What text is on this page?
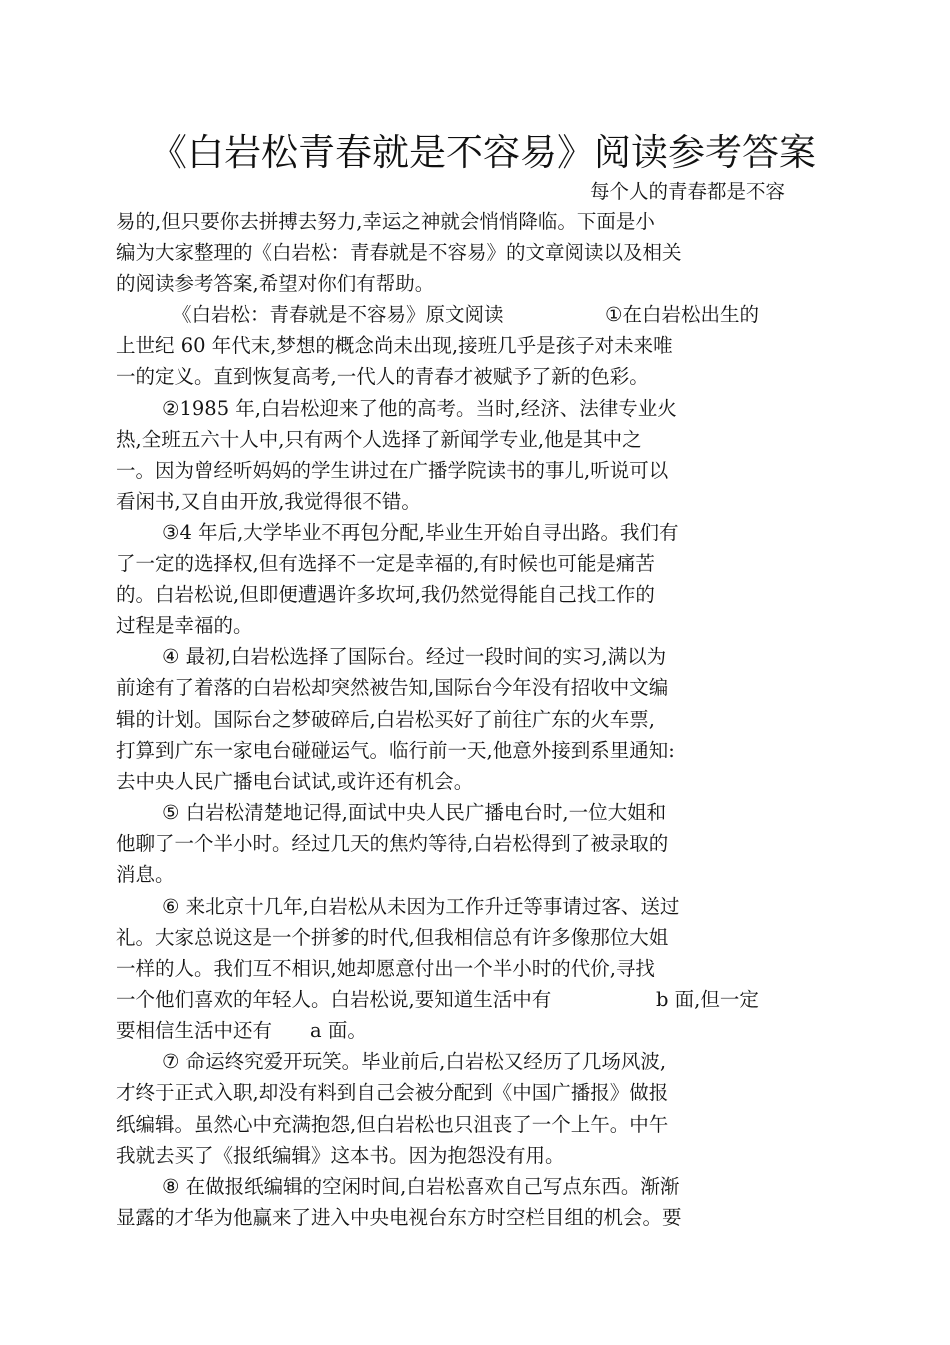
《白岩松青春就是不容易》阅读参考答案
每个人的青春都是不容
易的,但只要你去拼搏去努力,幸运之神就会悄悄降临。下面是小
编为大家整理的《白岩松：青春就是不容易》的文章阅读以及相关
的阅读参考答案,希望对你们有帮助。
《白岩松：青春就是不容易》原文阅读	①在白岩松出生的
上世纪 60 年代末,梦想的概念尚未出现,接班几乎是孩子对未来唯
一的定义。直到恢复高考,一代人的青春才被赋予了新的色彩。
②1985 年,白岩松迎来了他的高考。当时,经济、法律专业火
热,全班五六十人中,只有两个人选择了新闻学专业,他是其中之
一。因为曾经听妈妈的学生讲过在广播学院读书的事儿,听说可以
看闲书,又自由开放,我觉得很不错。
③4 年后,大学毕业不再包分配,毕业生开始自寻出路。我们有
了一定的选择权,但有选择不一定是幸福的,有时候也可能是痛苦
的。白岩松说,但即便遭遇许多坎坷,我仍然觉得能自己找工作的
过程是幸福的。
④ 最初,白岩松选择了国际台。经过一段时间的实习,满以为
前途有了着落的白岩松却突然被告知,国际台今年没有招收中文编
辑的计划。国际台之梦破碎后,白岩松买好了前往广东的火车票,
打算到广东一家电台碰碰运气。临行前一天,他意外接到系里通知:
去中央人民广播电台试试,或许还有机会。
⑤ 白岩松清楚地记得,面试中央人民广播电台时,一位大姐和
他聊了一个半小时。经过几天的焦灼等待,白岩松得到了被录取的
消息。
⑥ 来北京十几年,白岩松从未因为工作升迁等事请过客、送过
礼。大家总说这是一个拼爹的时代,但我相信总有许多像那位大姐
一样的人。我们互不相识,她却愿意付出一个半小时的代价,寻找
一个他们喜欢的年轻人。白岩松说,要知道生活中有	b 面,但一定
要相信生活中还有 a 面。
⑦ 命运终究爱开玩笑。毕业前后,白岩松又经历了几场风波,
才终于正式入职,却没有料到自己会被分配到《中国广播报》做报
纸编辑。虽然心中充满抱怨,但白岩松也只沮丧了一个上午。中午
我就去买了《报纸编辑》这本书。因为抱怨没有用。
⑧ 在做报纸编辑的空闲时间,白岩松喜欢自己写点东西。渐渐
显露的才华为他赢来了进入中央电视台东方时空栏目组的机会。要
